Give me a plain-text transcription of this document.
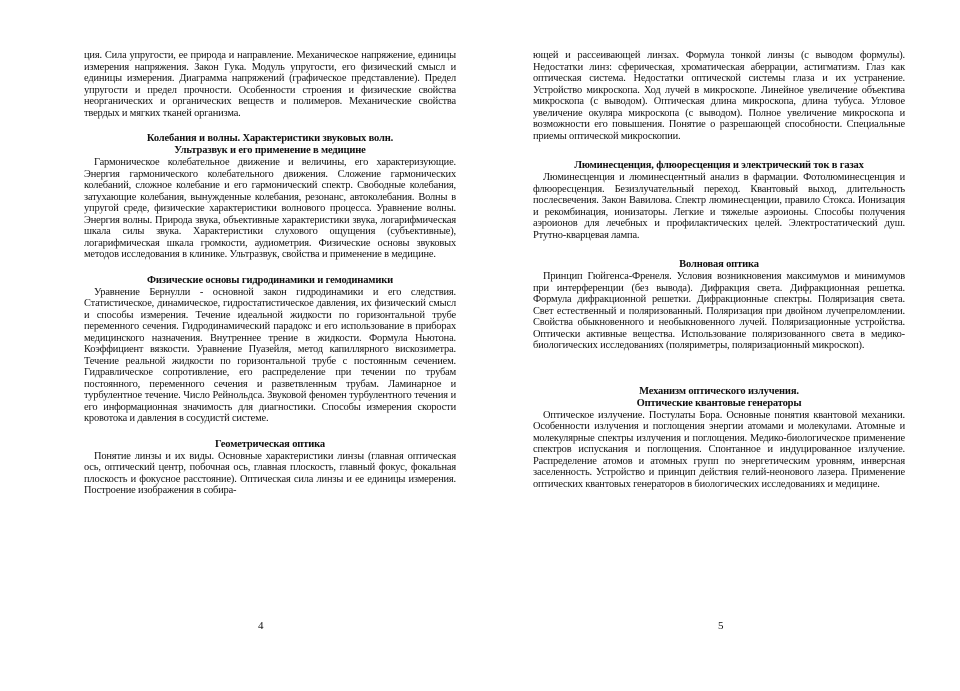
ция. Сила упругости, ее природа и направление. Механическое напряжение, единицы измерения напряжения. Закон Гука. Модуль упругости, его физический смысл и единицы измерения. Диаграмма напряжений (графическое представление). Предел упругости и предел прочности. Особенности строения и физические свойства неорганических и органических веществ и полимеров. Механические свойства твердых и мягких тканей организма.

Колебания и волны. Характеристики звуковых волн.
Ультразвук и его применение в медицине

Гармоническое колебательное движение и величины, его характеризующие. Энергия гармонического колебательного движения. Сложение гармонических колебаний, сложное колебание и его гармонический спектр. Свободные колебания, затухающие колебания, вынужденные колебания, резонанс, автоколебания. Волны в упругой среде, физические характеристики волнового процесса. Уравнение волны. Энергия волны. Природа звука, объективные характеристики звука, логарифмическая шкала силы звука. Характеристики слухового ощущения (субъективные), логарифмическая шкала громкости, аудиометрия. Физические основы звуковых методов исследования в клинике. Ультразвук, свойства и применение в медицине.

Физические основы гидродинамики и гемодинамики

Уравнение Бернулли - основной закон гидродинамики и его следствия. Статистическое, динамическое, гидростатистическое давления, их физический смысл и способы измерения. Течение идеальной жидкости по горизонтальной трубе переменного сечения. Гидродинамический парадокс и его использование в приборах медицинского назначения. Внутреннее трение в жидкости. Формула Ньютона. Коэффициент вязкости. Уравнение Пуазейля, метод капиллярного вискозиметра. Течение реальной жидкости по горизонтальной трубе с постоянным сечением. Гидравлическое сопротивление, его распределение при течении по трубам постоянного, переменного сечения и разветвленным трубам. Ламинарное и турбулентное течение. Число Рейнольдса. Звуковой феномен турбулентного течения и его информационная значимость для диагностики. Способы измерения скорости кровотока и давления в сосудистй системе.

Геометрическая оптика

Понятие линзы и их виды. Основные характеристики линзы (главная оптическая ось, оптический центр, побочная ось, главная плоскость, главный фокус, фокальная плоскость и фокусное расстояние). Оптическая сила линзы и ее единицы измерения. Построение изображения в собира-

ющей и рассеивающей линзах. Формула тонкой линзы (с выводом формулы). Недостатки линз: сферическая, хроматическая аберрации, астигматизм. Глаз как оптическая система. Недостатки оптической системы глаза и их устранение. Устройство микроскопа. Ход лучей в микроскопе. Линейное увеличение объектива микроскопа (с выводом). Оптическая длина микроскопа, длина тубуса. Угловое увеличение окуляра микроскопа (с выводом). Полное увеличение микроскопа и возможности его повышения. Понятие о разрешающей способности. Специальные приемы оптической микроскопии.

Люминесценция, флюоресценция и электрический ток в газах

Люминесценция и люминесцентный анализ в фармации. Фотолюминесценция и флюоресценция. Безизлучательный переход. Квантовый выход, длительность послесвечения. Закон Вавилова. Спектр люминесценции, правило Стокса. Ионизация и рекомбинация, ионизаторы. Легкие и тяжелые аэроионы. Способы получения аэроионов для лечебных и профилактических целей. Электростатический душ. Ртутно-кварцевая лампа.

Волновая оптика

Принцип Гюйгенса-Френеля. Условия возникновения максимумов и минимумов при интерференции (без вывода). Дифракция света. Дифракционная решетка. Формула дифракционной решетки. Дифракционные спектры. Поляризация света. Свет естественный и поляризованный. Поляризация при двойном лучепреломлении. Свойства обыкновенного и необыкновенного лучей. Поляризационные устройства. Оптически активные вещества. Использование поляризованного света в медико-биологических исследованиях (поляриметры, поляризационный микроскоп).

Механизм оптического излучения.
Оптические квантовые генераторы

Оптическое излучение. Постулаты Бора. Основные понятия квантовой механики. Особенности излучения и поглощения энергии атомами и молекулами. Атомные и молекулярные спектры излучения и поглощения. Медико-биологическое применение спектров испускания и поглощения. Спонтанное и индуцированное излучение. Распределение атомов и атомных групп по энергетическим уровням, инверсная заселенность. Устройство и принцип действия гелий-неонового лазера. Применение оптических квантовых генераторов в биологических исследованиях и медицине.

4	5
